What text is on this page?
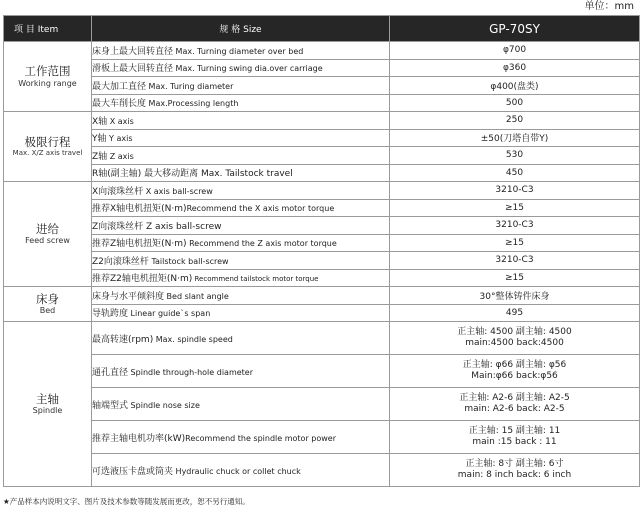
单位：mm
项 目 Item	规 格 Size	GP-70SY

工作范围
Working range	床身上最大回转直径 Max. Turning diameter over bed	φ700
	滑板上最大回转直径 Max. Turning swing dia.over carriage	φ360
	最大加工直径 Max. Turing diameter	φ400(盘类)
	最大车削长度 Max.Processing length	500

极限行程
Max. X/Z axis travel	X轴 X axis	250
	Y轴 Y axis	±50(刀塔自带Y)
	Z轴 Z axis	530
	R轴(副主轴) 最大移动距离 Max. Tailstock travel	450

进给
Feed screw	X向滚珠丝杆 X axis ball-screw	3210-C3
	推荐X轴电机扭矩(N·m)Recommend the X axis motor torque	≥15
	Z向滚珠丝杆 Z axis ball-screw	3210-C3
	推荐Z轴电机扭矩(N·m) Recommend the Z axis motor torque	≥15
	Z2向滚珠丝杆 Tailstock ball-screw	3210-C3
	推荐Z2轴电机扭矩(N·m) Recommend tailstock motor torque	≥15

床身
Bed	床身与水平倾斜度 Bed slant angle	30°整体铸件床身
	导轨跨度 Linear guide`s span	495

主轴
Spindle	最高转速(rpm) Max. spindle speed	正主轴: 4500 副主轴: 4500
main:4500 back:4500

	通孔直径 Spindle through-hole diameter	正主轴: φ66 副主轴: φ56
Main:φ66 back:φ56

	轴端型式 Spindle nose size	正主轴: A2-6 副主轴: A2-5
main: A2-6 back: A2-5

	推荐主轴电机功率(kW)Recommend the spindle motor power	正主轴: 15 副主轴: 11
main :15 back : 11

	可选液压卡盘或筒夹 Hydraulic chuck or collet chuck	正主轴: 8寸 副主轴: 6寸
main: 8 inch back: 6 inch
★产品样本内说明文字、图片及技术参数等随发展而更改，恕不另行通知。
